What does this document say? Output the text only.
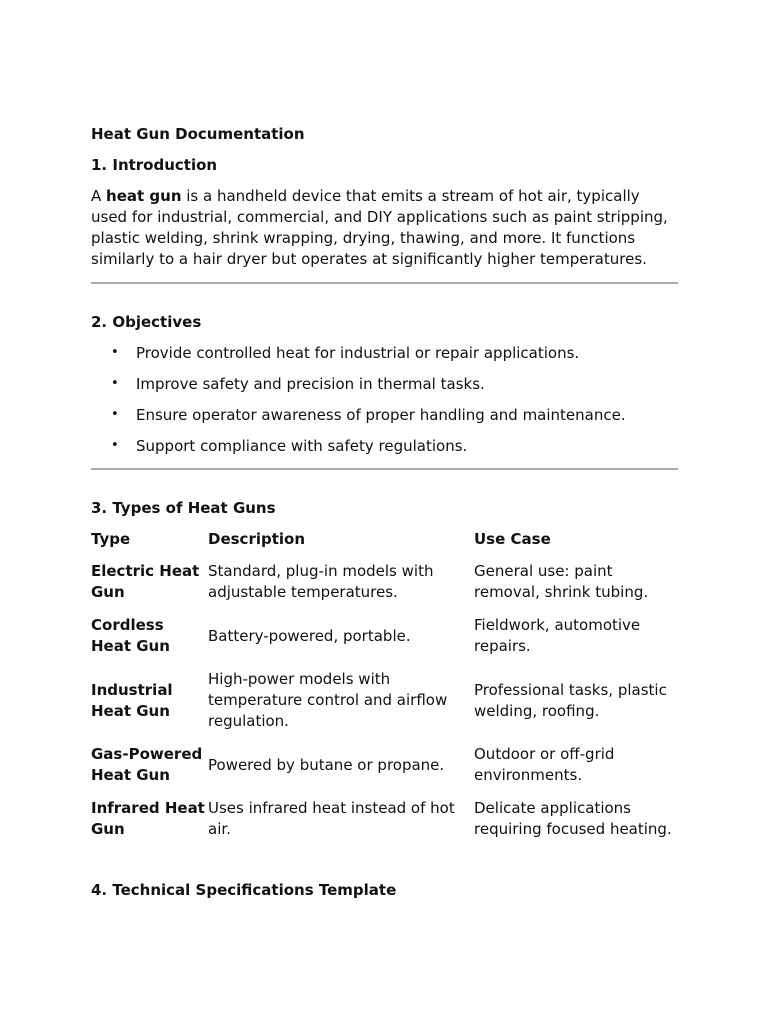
Heat Gun Documentation
1. Introduction

A heat gun is a handheld device that emits a stream of hot air, typically used for industrial, commercial, and DIY applications such as paint stripping, plastic welding, shrink wrapping, drying, thawing, and more. It functions similarly to a hair dryer but operates at significantly higher temperatures.

2. Objectives
• Provide controlled heat for industrial or repair applications.
• Improve safety and precision in thermal tasks.
• Ensure operator awareness of proper handling and maintenance.
• Support compliance with safety regulations.
3. Types of Heat Guns
Type	Description	Use Case
Electric Heat Gun	Standard, plug-in models with adjustable temperatures.	General use: paint removal, shrink tubing.
Cordless Heat Gun	Battery-powered, portable.	Fieldwork, automotive repairs.
Industrial Heat Gun	High-power models with temperature control and airflow regulation.	Professional tasks, plastic welding, roofing.
Gas-Powered Heat Gun	Powered by butane or propane.	Outdoor or off-grid environments.
Infrared Heat Gun	Uses infrared heat instead of hot air.	Delicate applications requiring focused heating.
4. Technical Specifications Template
